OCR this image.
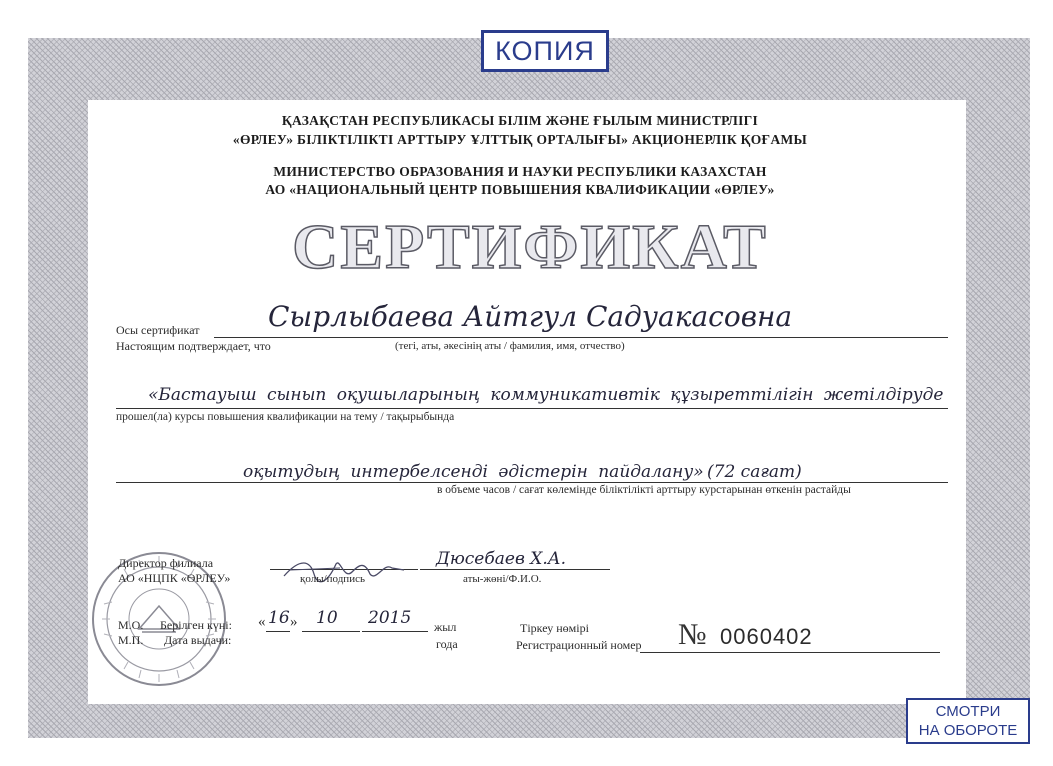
КОПИЯ
ҚАЗАҚСТАН РЕСПУБЛИКАСЫ БІЛІМ ЖӘНЕ ҒЫЛЫМ МИНИСТРЛІГІ
«ӨРЛЕУ» БІЛІКТІЛІКТІ АРТТЫРУ ҰЛТТЫҚ ОРТАЛЫҒЫ» АКЦИОНЕРЛІК ҚОҒАМЫ
МИНИСТЕРСТВО ОБРАЗОВАНИЯ И НАУКИ РЕСПУБЛИКИ КАЗАХСТАН
АО «НАЦИОНАЛЬНЫЙ ЦЕНТР ПОВЫШЕНИЯ КВАЛИФИКАЦИИ «ӨРЛЕУ»
СЕРТИФИКАТ
Осы сертификат
Настоящим подтверждает, что
Сырлыбаева Айтгул Садуакасовна
(тегі, аты, әкесінің аты / фамилия, имя, отчество)
«Бастауыш сынып оқушыларының коммуникативтік құзыреттілігін жетілдіруде
прошел(ла) курсы повышения квалификации на тему / тақырыбында
оқытудың интербелсенді әдістерін пайдалану» (72 сағат)
в объеме часов / сағат көлемінде біліктілікті арттыру курстарынан өткенін растайды
Директор филиала
АО «НЦПК «ӨРЛЕУ»	қолы/подпись
Дюсебаев Х.А.
аты-жөні/Ф.И.О.
М.О.
М.П.
Берілген күні:
Дата выдачи:
« 16 » 10 2015 жыл
года
Тіркеу нөмірі
Регистрационный номер № 0060402
СМОТРИ
НА ОБОРОТЕ
